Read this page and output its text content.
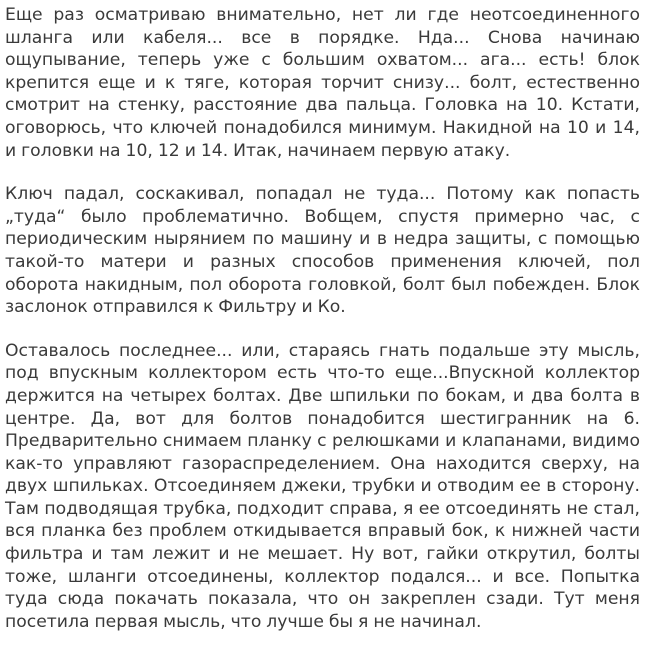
Еще раз осматриваю внимательно, нет ли где неотсоединенного шланга или кабеля... все в порядке. Нда... Снова начинаю ощупывание, теперь уже с большим охватом... ага... есть! блок крепится еще и к тяге, которая торчит снизу... болт, естественно смотрит на стенку, расстояние два пальца. Головка на 10. Кстати, оговорюсь, что ключей понадобился минимум. Накидной на 10 и 14, и головки на 10, 12 и 14. Итак, начинаем первую атаку.

Ключ падал, соскакивал, попадал не туда... Потому как попасть „туда“ было проблематично. Вобщем, спустя примерно час, с периодическим нырянием по машину и в недра защиты, с помощью такой-то матери и разных способов применения ключей, пол оборота накидным, пол оборота головкой, болт был побежден. Блок заслонок отправился к Фильтру и Ко.

Оставалось последнее... или, стараясь гнать подальше эту мысль, под впускным коллектором есть что-то еще...Впускной коллектор держится на четырех болтах. Две шпильки по бокам, и два болта в центре. Да, вот для болтов понадобится шестигранник на 6. Предварительно снимаем планку с релюшками и клапанами, видимо как-то управляют газораспределением. Она находится сверху, на двух шпильках. Отсоединяем джеки, трубки и отводим ее в сторону. Там подводящая трубка, подходит справа, я ее отсоединять не стал, вся планка без проблем откидывается вправый бок, к нижней части фильтра и там лежит и не мешает. Ну вот, гайки открутил, болты тоже, шланги отсоединены, коллектор подался... и все. Попытка туда сюда покачать показала, что он закреплен сзади. Тут меня посетила первая мысль, что лучше бы я не начинал.
